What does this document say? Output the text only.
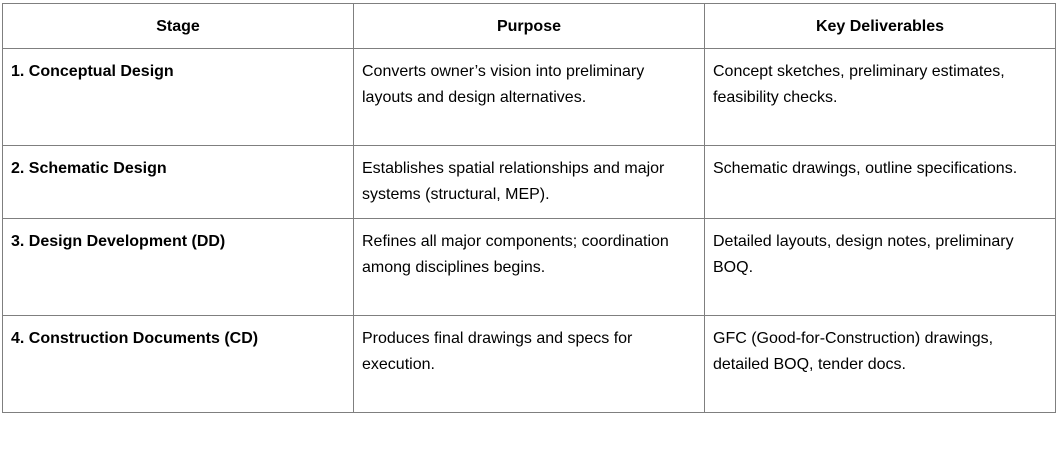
Stage	Purpose	Key Deliverables
1. Conceptual Design	Converts owner’s vision into preliminary layouts and design alternatives.	Concept sketches, preliminary estimates, feasibility checks.
2. Schematic Design	Establishes spatial relationships and major systems (structural, MEP).	Schematic drawings, outline specifications.
3. Design Development (DD)	Refines all major components; coordination among disciplines begins.	Detailed layouts, design notes, preliminary BOQ.
4. Construction Documents (CD)	Produces final drawings and specs for execution.	GFC (Good-for-Construction) drawings, detailed BOQ, tender docs.
